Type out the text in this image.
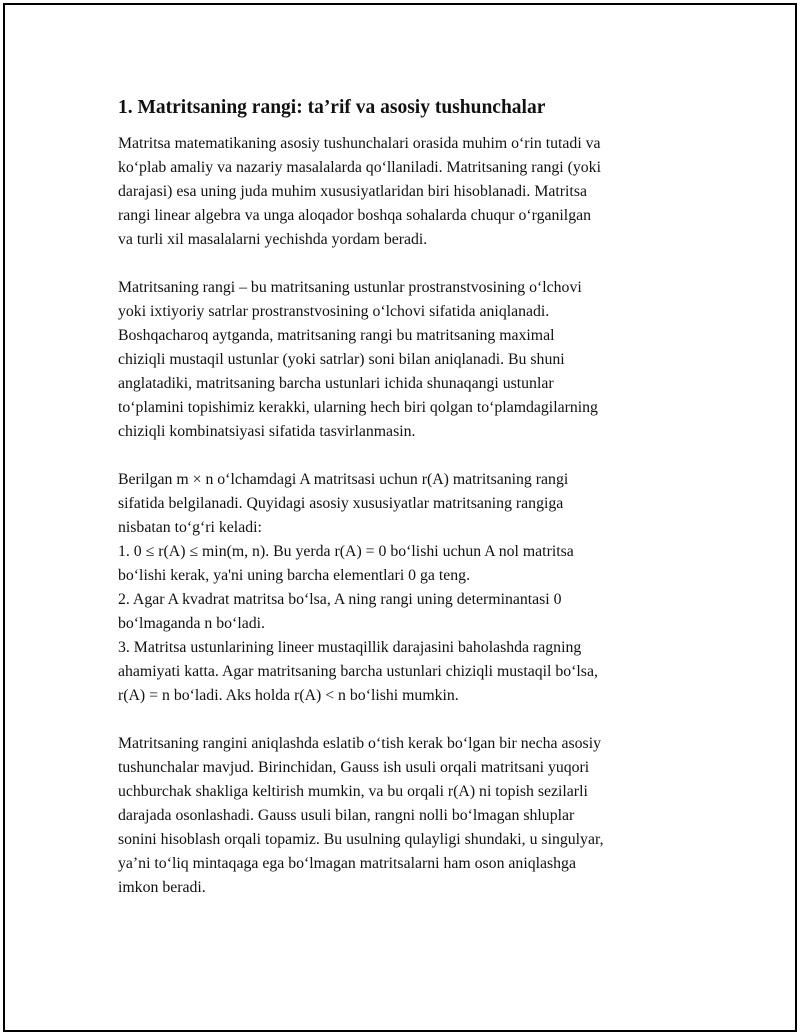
1. Matritsaning rangi: ta’rif va asosiy tushunchalar

Matritsa matematikaning asosiy tushunchalari orasida muhim o‘rin tutadi va
ko‘plab amaliy va nazariy masalalarda qo‘llaniladi. Matritsaning rangi (yoki
darajasi) esa uning juda muhim xususiyatlaridan biri hisoblanadi. Matritsa
rangi linear algebra va unga aloqador boshqa sohalarda chuqur o‘rganilgan
va turli xil masalalarni yechishda yordam beradi.

Matritsaning rangi – bu matritsaning ustunlar prostranstvosining o‘lchovi
yoki ixtiyoriy satrlar prostranstvosining o‘lchovi sifatida aniqlanadi.
Boshqacharoq aytganda, matritsaning rangi bu matritsaning maximal
chiziqli mustaqil ustunlar (yoki satrlar) soni bilan aniqlanadi. Bu shuni
anglatadiki, matritsaning barcha ustunlari ichida shunaqangi ustunlar
to‘plamini topishimiz kerakki, ularning hech biri qolgan to‘plamdagilarning
chiziqli kombinatsiyasi sifatida tasvirlanmasin.

Berilgan m × n o‘lchamdagi A matritsasi uchun r(A) matritsaning rangi
sifatida belgilanadi. Quyidagi asosiy xususiyatlar matritsaning rangiga
nisbatan to‘g‘ri keladi:
1. 0 ≤ r(A) ≤ min(m, n). Bu yerda r(A) = 0 bo‘lishi uchun A nol matritsa
bo‘lishi kerak, ya'ni uning barcha elementlari 0 ga teng.
2. Agar A kvadrat matritsa bo‘lsa, A ning rangi uning determinantasi 0
bo‘lmaganda n bo‘ladi.
3. Matritsa ustunlarining lineer mustaqillik darajasini baholashda ragning
ahamiyati katta. Agar matritsaning barcha ustunlari chiziqli mustaqil bo‘lsa,
r(A) = n bo‘ladi. Aks holda r(A) < n bo‘lishi mumkin.

Matritsaning rangini aniqlashda eslatib o‘tish kerak bo‘lgan bir necha asosiy
tushunchalar mavjud. Birinchidan, Gauss ish usuli orqali matritsani yuqori
uchburchak shakliga keltirish mumkin, va bu orqali r(A) ni topish sezilarli
darajada osonlashadi. Gauss usuli bilan, rangni nolli bo‘lmagan shluplar
sonini hisoblash orqali topamiz. Bu usulning qulayligi shundaki, u singulyar,
ya’ni to‘liq mintaqaga ega bo‘lmagan matritsalarni ham oson aniqlashga
imkon beradi.
